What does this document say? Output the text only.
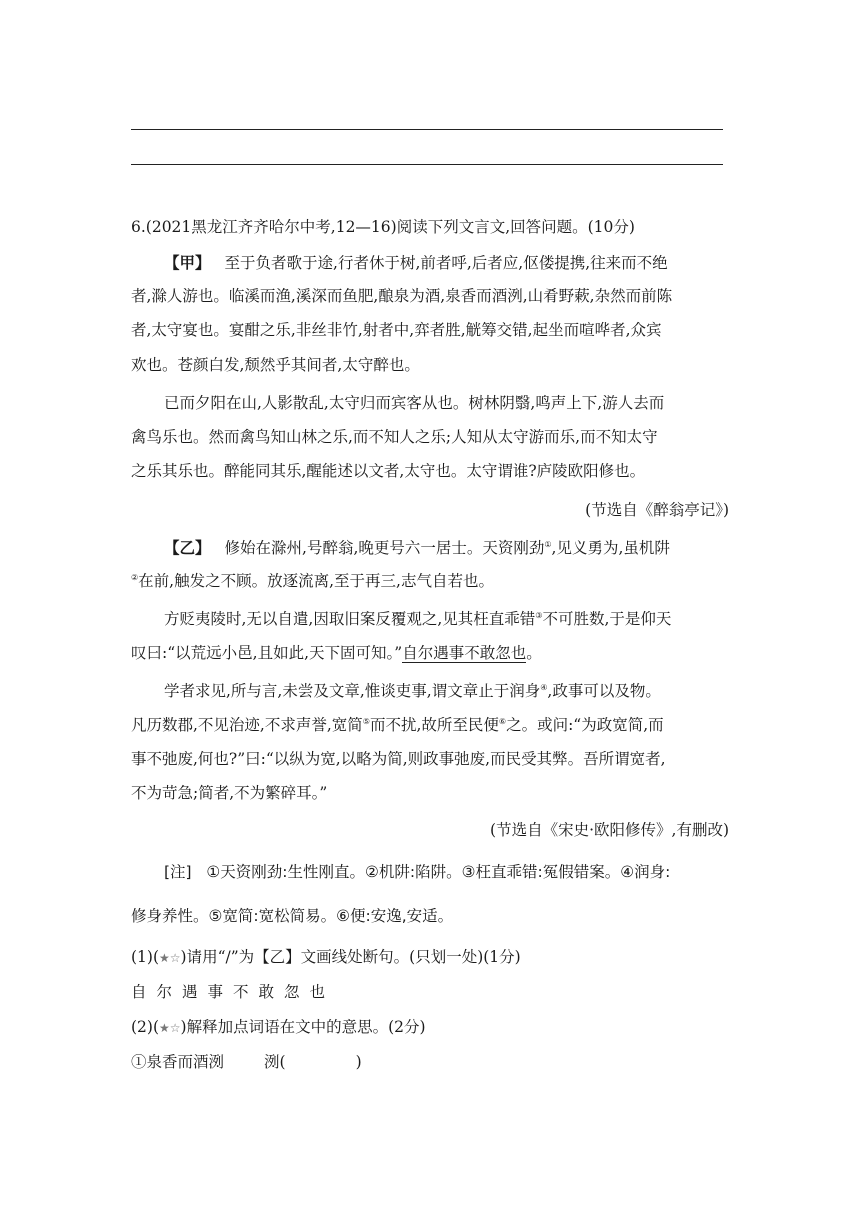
6.(2021黑龙江齐齐哈尔中考,12—16)阅读下列文言文,回答问题。(10分)
【甲】 至于负者歌于途,行者休于树,前者呼,后者应,伛偻提携,往来而不绝
者,滁人游也。临溪而渔,溪深而鱼肥,酿泉为酒,泉香而酒洌,山肴野蔌,杂然而前陈
者,太守宴也。宴酣之乐,非丝非竹,射者中,弈者胜,觥筹交错,起坐而喧哗者,众宾
欢也。苍颜白发,颓然乎其间者,太守醉也。
已而夕阳在山,人影散乱,太守归而宾客从也。树林阴翳,鸣声上下,游人去而
禽鸟乐也。然而禽鸟知山林之乐,而不知人之乐;人知从太守游而乐,而不知太守
之乐其乐也。醉能同其乐,醒能述以文者,太守也。太守谓谁?庐陵欧阳修也。
(节选自《醉翁亭记》)
【乙】 修始在滁州,号醉翁,晚更号六一居士。天资刚劲①,见义勇为,虽机阱
②在前,触发之不顾。放逐流离,至于再三,志气自若也。
方贬夷陵时,无以自遣,因取旧案反覆观之,见其枉直乖错③不可胜数,于是仰天
叹曰:“以荒远小邑,且如此,天下固可知。”自尔遇事不敢忽也。
学者求见,所与言,未尝及文章,惟谈吏事,谓文章止于润身④,政事可以及物。
凡历数郡,不见治迹,不求声誉,宽简⑤而不扰,故所至民便⑥之。或问:“为政宽简,而
事不弛废,何也?”曰:“以纵为宽,以略为简,则政事弛废,而民受其弊。吾所谓宽者,
不为苛急;简者,不为繁碎耳。”
(节选自《宋史·欧阳修传》,有删改)
[注] ①天资刚劲:生性刚直。②机阱:陷阱。③枉直乖错:冤假错案。④润身:
修身养性。⑤宽简:宽松简易。⑥便:安逸,安适。
(1)(★☆)请用“/”为【乙】文画线处断句。(只划一处)(1分)
自尔遇事不敢忽也
(2)(★☆)解释加点词语在文中的意思。(2分)
①泉香而酒洌	洌(	)
